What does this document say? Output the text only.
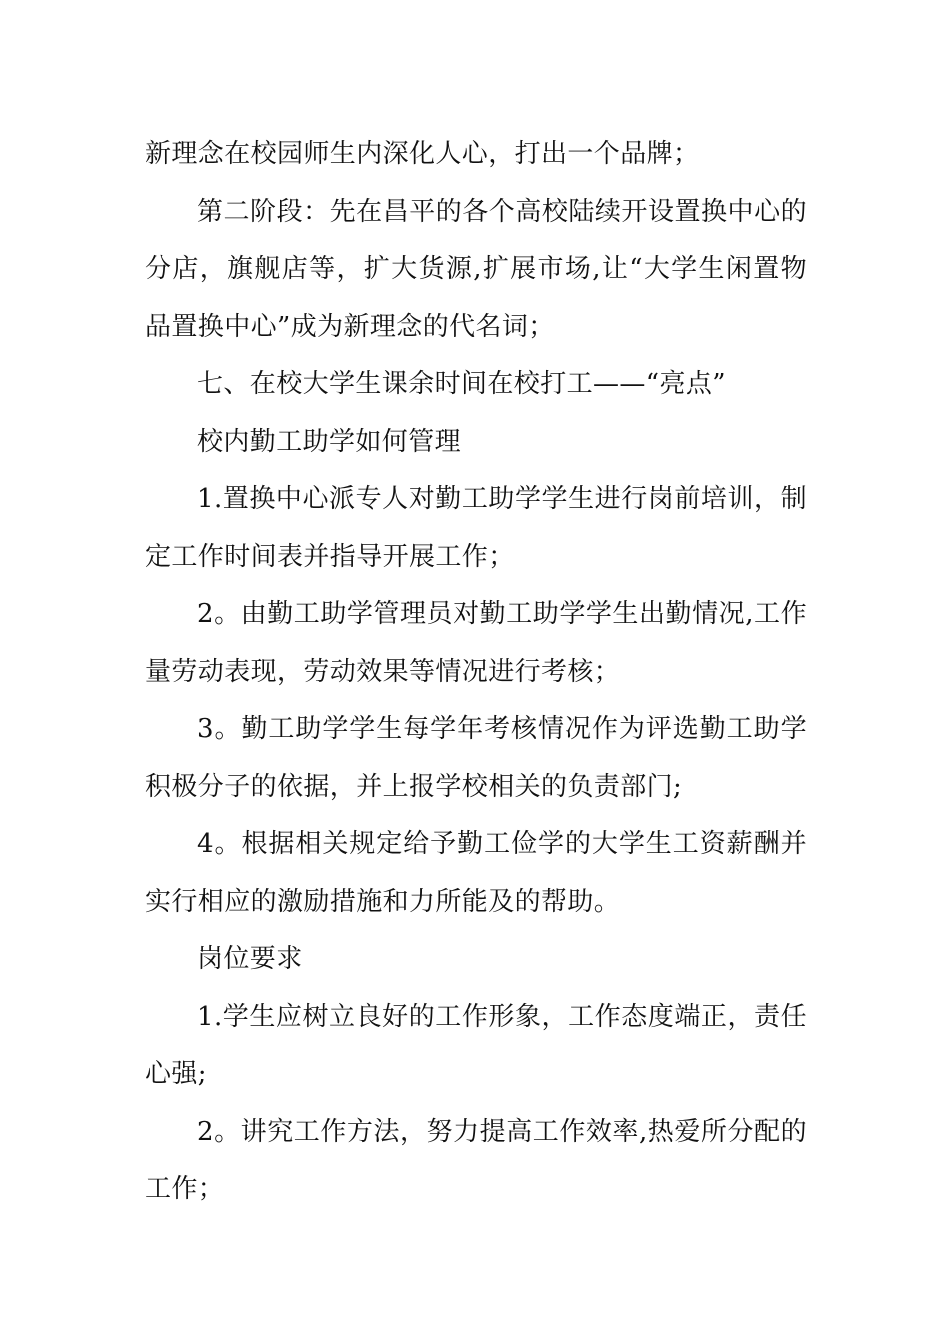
新理念在校园师生内深化人心，打出一个品牌；

第二阶段：先在昌平的各个高校陆续开设置换中心的分店，旗舰店等，扩大货源,扩展市场,让“大学生闲置物品置换中心”成为新理念的代名词；

七、在校大学生课余时间在校打工——“亮点”

校内勤工助学如何管理

1.置换中心派专人对勤工助学学生进行岗前培训，制定工作时间表并指导开展工作；

2。由勤工助学管理员对勤工助学学生出勤情况,工作量劳动表现，劳动效果等情况进行考核；

3。勤工助学学生每学年考核情况作为评选勤工助学积极分子的依据，并上报学校相关的负责部门;

4。根据相关规定给予勤工俭学的大学生工资薪酬并实行相应的激励措施和力所能及的帮助。

岗位要求

1.学生应树立良好的工作形象，工作态度端正，责任心强;

2。讲究工作方法，努力提高工作效率,热爱所分配的工作；
